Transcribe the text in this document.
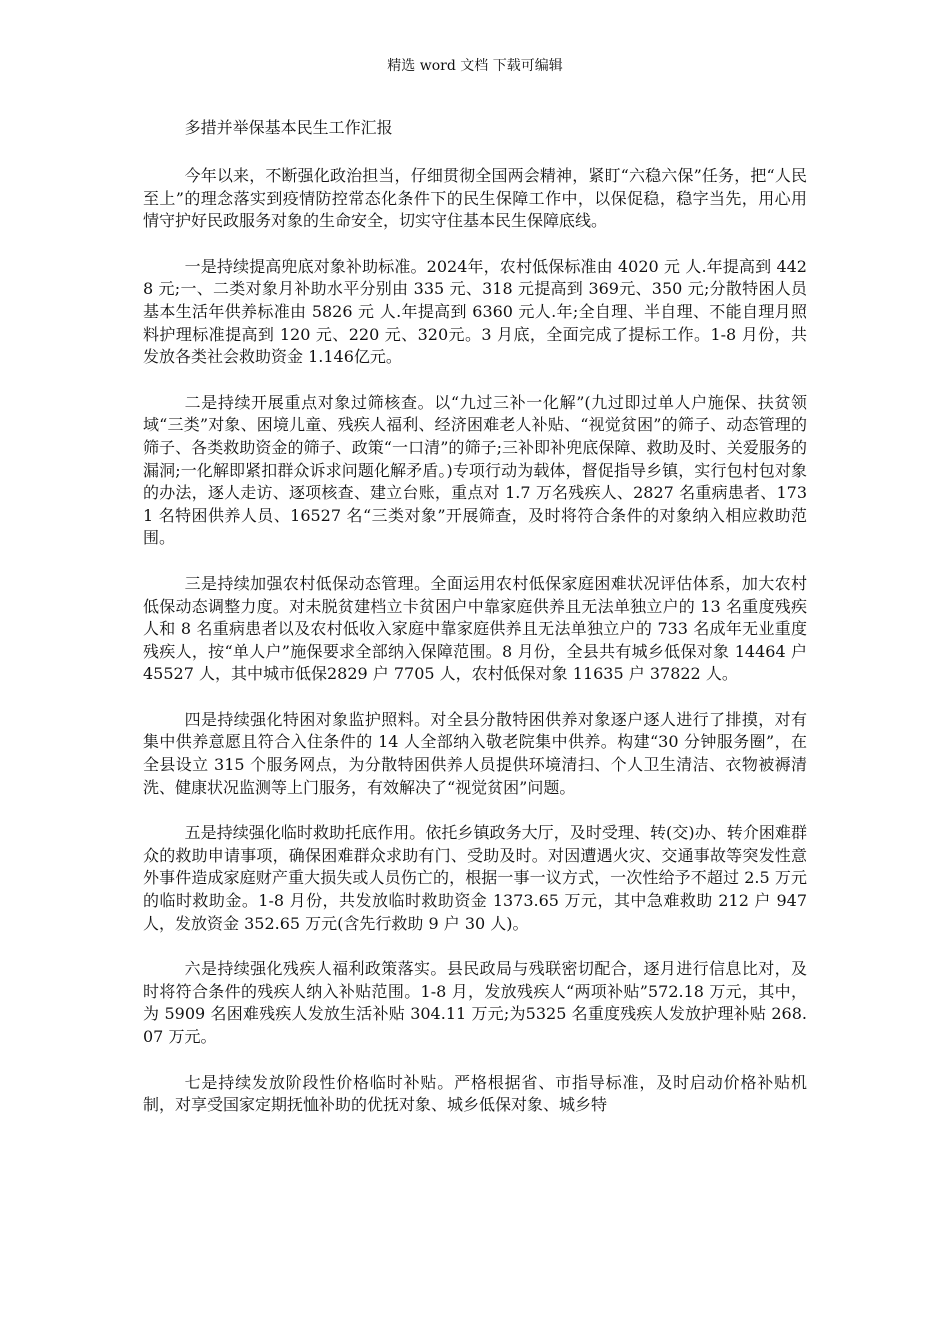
精选 word 文档 下载可编辑

多措并举保基本民生工作汇报

今年以来，不断强化政治担当，仔细贯彻全国两会精神，紧盯“六稳六保”任务，把“人民至上”的理念落实到疫情防控常态化条件下的民生保障工作中，以保促稳，稳字当先，用心用情守护好民政服务对象的生命安全，切实守住基本民生保障底线。

一是持续提高兜底对象补助标准。2024年，农村低保标准由 4020 元 人.年提高到 4428 元;一、二类对象月补助水平分别由 335 元、318 元提高到 369元、350 元;分散特困人员基本生活年供养标准由 5826 元 人.年提高到 6360 元人.年;全自理、半自理、不能自理月照料护理标准提高到 120 元、220 元、320元。3 月底，全面完成了提标工作。1-8 月份，共发放各类社会救助资金 1.146亿元。

二是持续开展重点对象过筛核查。以“九过三补一化解”(九过即过单人户施保、扶贫领域“三类”对象、困境儿童、残疾人福利、经济困难老人补贴、“视觉贫困”的筛子、动态管理的筛子、各类救助资金的筛子、政策“一口清”的筛子;三补即补兜底保障、救助及时、关爱服务的漏洞;一化解即紧扣群众诉求问题化解矛盾。)专项行动为载体，督促指导乡镇，实行包村包对象的办法，逐人走访、逐项核查、建立台账，重点对 1.7 万名残疾人、2827 名重病患者、1731 名特困供养人员、16527 名“三类对象”开展筛查，及时将符合条件的对象纳入相应救助范围。

三是持续加强农村低保动态管理。全面运用农村低保家庭困难状况评估体系，加大农村低保动态调整力度。对未脱贫建档立卡贫困户中靠家庭供养且无法单独立户的 13 名重度残疾人和 8 名重病患者以及农村低收入家庭中靠家庭供养且无法单独立户的 733 名成年无业重度残疾人，按“单人户”施保要求全部纳入保障范围。8 月份，全县共有城乡低保对象 14464 户 45527 人，其中城市低保2829 户 7705 人，农村低保对象 11635 户 37822 人。

四是持续强化特困对象监护照料。对全县分散特困供养对象逐户逐人进行了排摸，对有集中供养意愿且符合入住条件的 14 人全部纳入敬老院集中供养。构建“30 分钟服务圈”，在全县设立 315 个服务网点，为分散特困供养人员提供环境清扫、个人卫生清洁、衣物被褥清洗、健康状况监测等上门服务，有效解决了“视觉贫困”问题。

五是持续强化临时救助托底作用。依托乡镇政务大厅，及时受理、转(交)办、转介困难群众的救助申请事项，确保困难群众求助有门、受助及时。对因遭遇火灾、交通事故等突发性意外事件造成家庭财产重大损失或人员伤亡的，根据一事一议方式，一次性给予不超过 2.5 万元的临时救助金。1-8 月份，共发放临时救助资金 1373.65 万元，其中急难救助 212 户 947 人，发放资金 352.65 万元(含先行救助 9 户 30 人)。

六是持续强化残疾人福利政策落实。县民政局与残联密切配合，逐月进行信息比对，及时将符合条件的残疾人纳入补贴范围。1-8 月，发放残疾人“两项补贴”572.18 万元，其中，为 5909 名困难残疾人发放生活补贴 304.11 万元;为5325 名重度残疾人发放护理补贴 268.07 万元。

七是持续发放阶段性价格临时补贴。严格根据省、市指导标准，及时启动价格补贴机制，对享受国家定期抚恤补助的优抚对象、城乡低保对象、城乡特
